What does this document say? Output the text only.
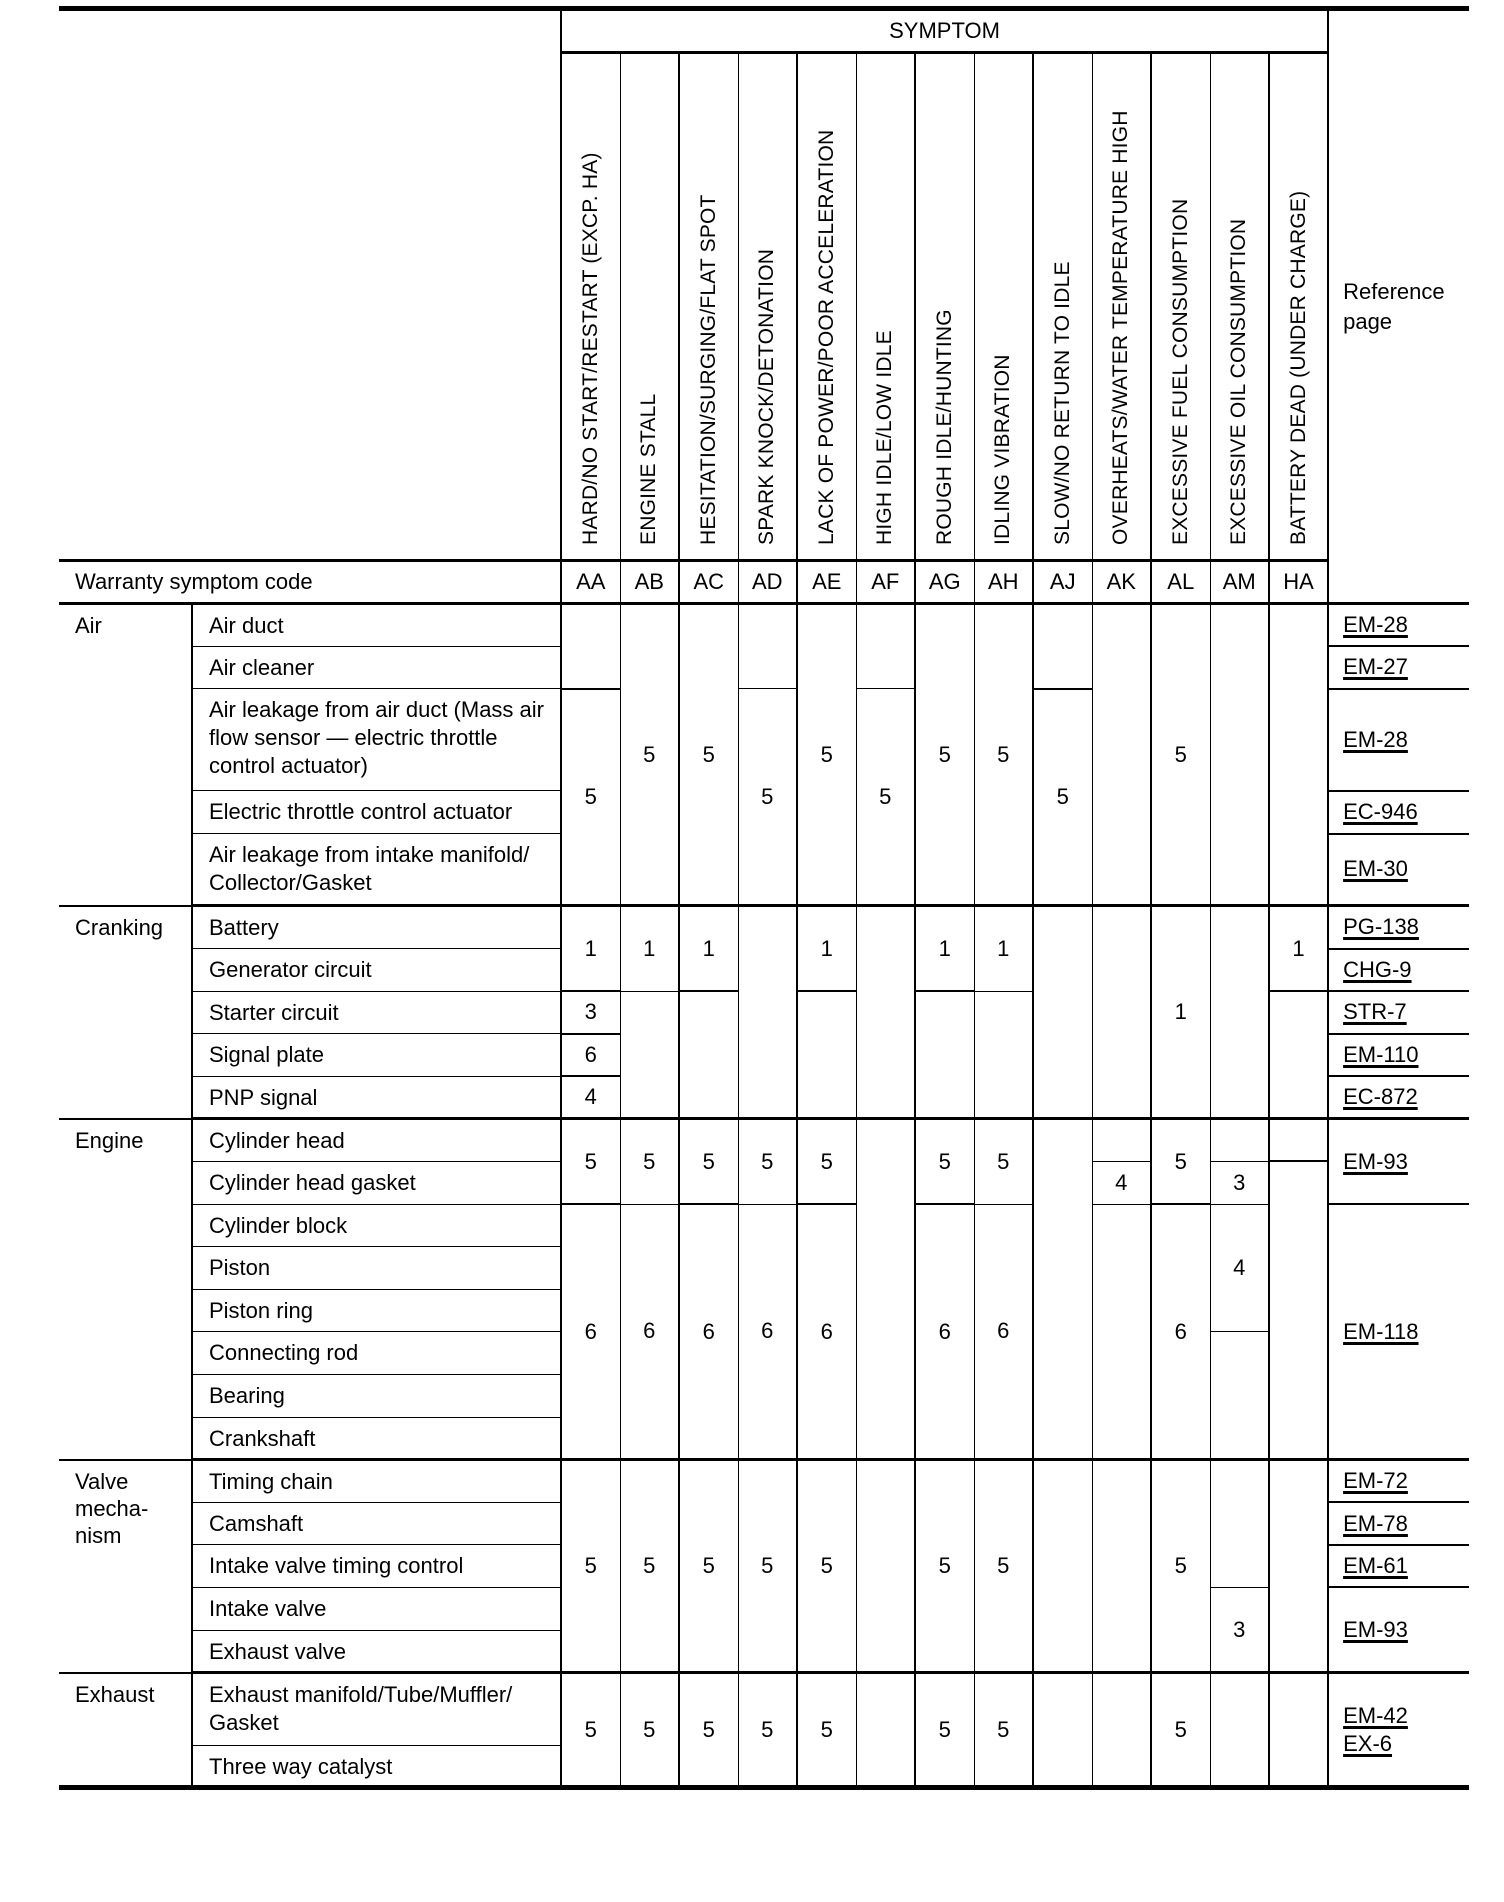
		SYMPTOM													Reference page

		HARD/NO START/RESTART (EXCP. HA)	ENGINE STALL	HESITATION/SURGING/FLAT SPOT	SPARK KNOCK/DETONATION	LACK OF POWER/POOR ACCELERATION	HIGH IDLE/LOW IDLE	ROUGH IDLE/HUNTING	IDLING VIBRATION	SLOW/NO RETURN TO IDLE	OVERHEATS/WATER TEMPERATURE HIGH	EXCESSIVE FUEL CONSUMPTION	EXCESSIVE OIL CONSUMPTION	BATTERY DEAD (UNDER CHARGE)	

Warranty symptom code		AA	AB	AC	AD	AE	AF	AG	AH	AJ	AK	AL	AM	HA	
Air	Air duct		5	5		5		5	5			5			EM-28
	Air cleaner														EM-27
	Air leakage from air duct (Mass air flow sensor — electric throttle control actuator)	5			5		5			5					EM-28
	Electric throttle control actuator														EC-946
	Air leakage from intake manifold/ Collector/Gasket														EM-30
Cranking	Battery	1	1	1		1		1	1			1		1	PG-138
	Generator circuit														CHG-9
	Starter circuit	3													STR-7
	Signal plate	6													EM-110
	PNP signal	4													EC-872
Engine	Cylinder head	5	5	5	5	5		5	5			5			EM-93
	Cylinder head gasket										4		3		
	Cylinder block	6	6	6	6	6		6	6			6	4		EM-118
	Piston														
	Piston ring														
	Connecting rod														
	Bearing														
	Crankshaft														
Valve mecha- nism	Timing chain	5	5	5	5	5		5	5			5			EM-72
	Camshaft														EM-78
	Intake valve timing control														EM-61
	Intake valve												3		EM-93
	Exhaust valve														
Exhaust	Exhaust manifold/Tube/Muffler/ Gasket	5	5	5	5	5		5	5			5			EM-42
EX-6
	Three way catalyst														
